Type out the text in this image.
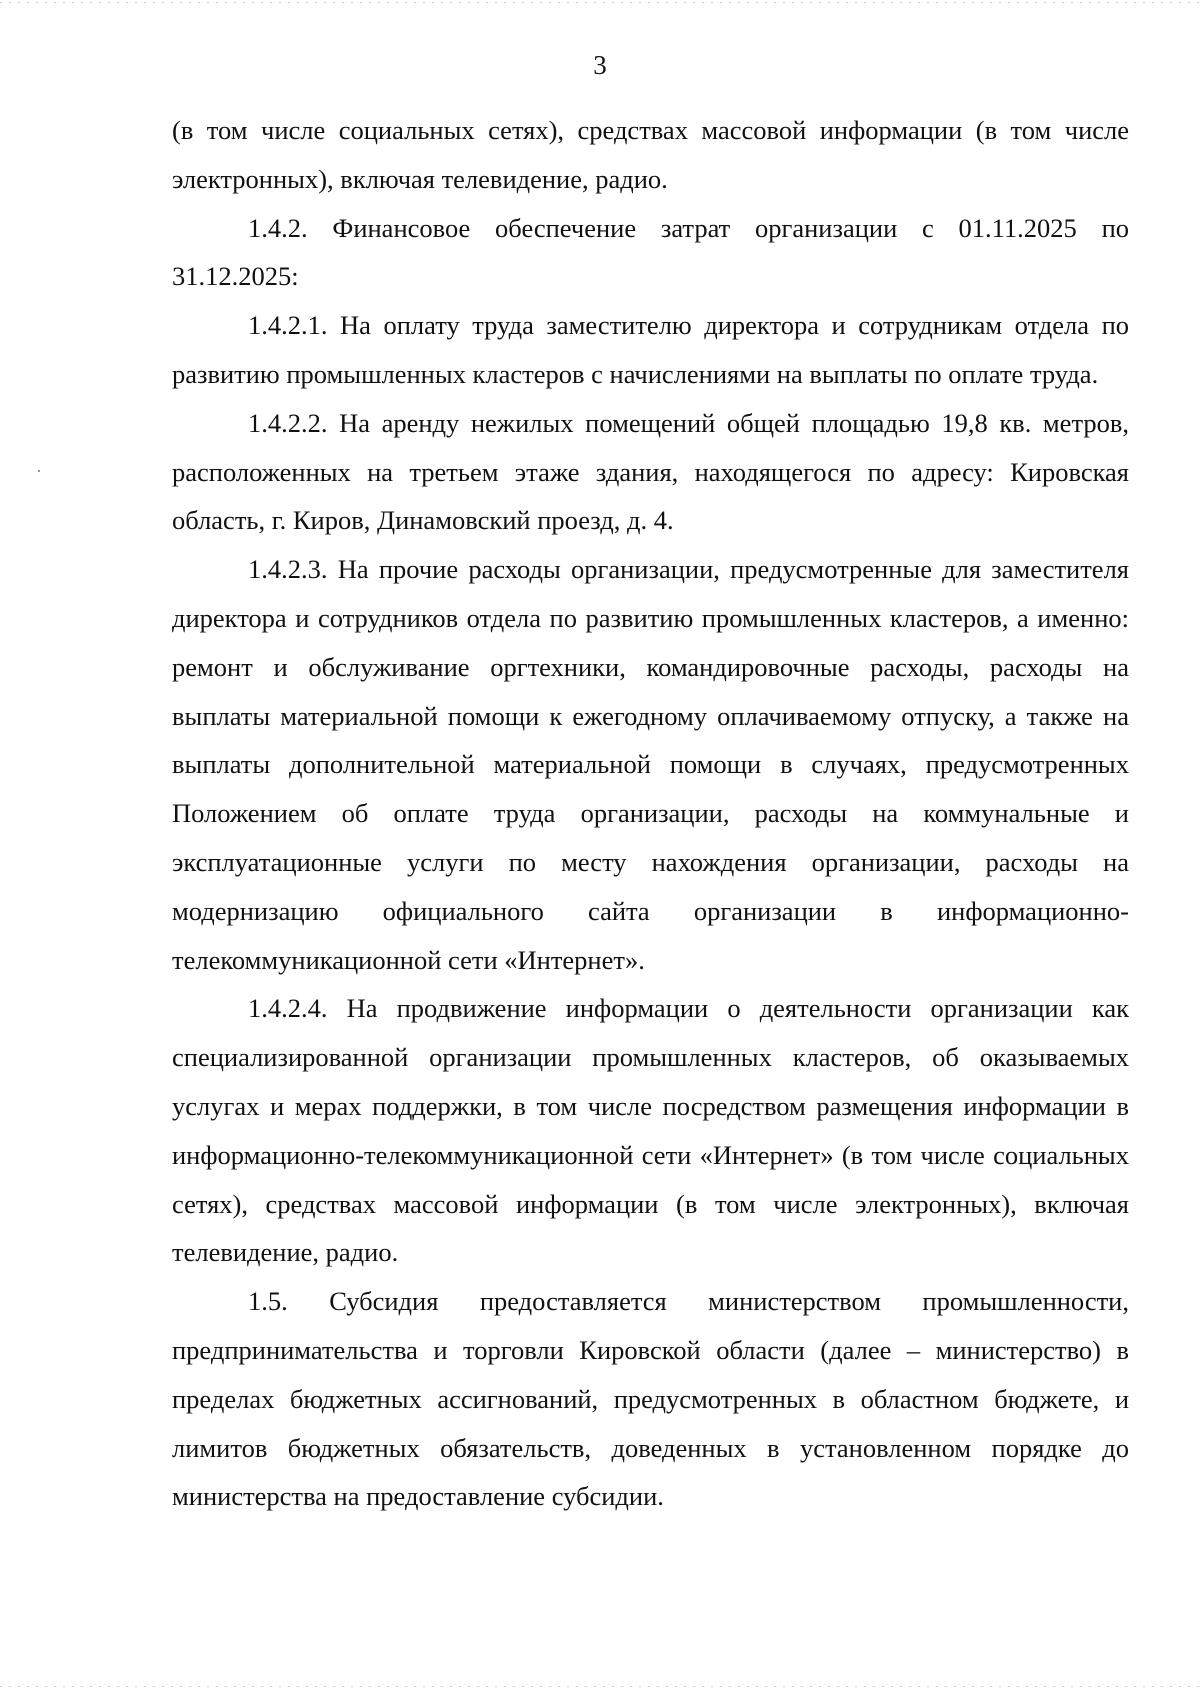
3

(в том числе социальных сетях), средствах массовой информации (в том числе электронных), включая телевидение, радио.

1.4.2. Финансовое обеспечение затрат организации с 01.11.2025 по 31.12.2025:

1.4.2.1. На оплату труда заместителю директора и сотрудникам отдела по развитию промышленных кластеров с начислениями на выплаты по оплате труда.

1.4.2.2. На аренду нежилых помещений общей площадью 19,8 кв. метров, расположенных на третьем этаже здания, находящегося по адресу: Кировская область, г. Киров, Динамовский проезд, д. 4.

1.4.2.3. На прочие расходы организации, предусмотренные для заместителя директора и сотрудников отдела по развитию промышленных кластеров, а именно: ремонт и обслуживание оргтехники, командировочные расходы, расходы на выплаты материальной помощи к ежегодному оплачиваемому отпуску, а также на выплаты дополнительной материальной помощи в случаях, предусмотренных Положением об оплате труда организации, расходы на коммунальные и эксплуатационные услуги по месту нахождения организации, расходы на модернизацию официального сайта организации в информационно-телекоммуникационной сети «Интернет».

1.4.2.4. На продвижение информации о деятельности организации как специализированной организации промышленных кластеров, об оказываемых услугах и мерах поддержки, в том числе посредством размещения информации в информационно-телекоммуникационной сети «Интернет» (в том числе социальных сетях), средствах массовой информации (в том числе электронных), включая телевидение, радио.

1.5. Субсидия предоставляется министерством промышленности, предпринимательства и торговли Кировской области (далее – министерство) в пределах бюджетных ассигнований, предусмотренных в областном бюджете, и лимитов бюджетных обязательств, доведенных в установленном порядке до министерства на предоставление субсидии.
